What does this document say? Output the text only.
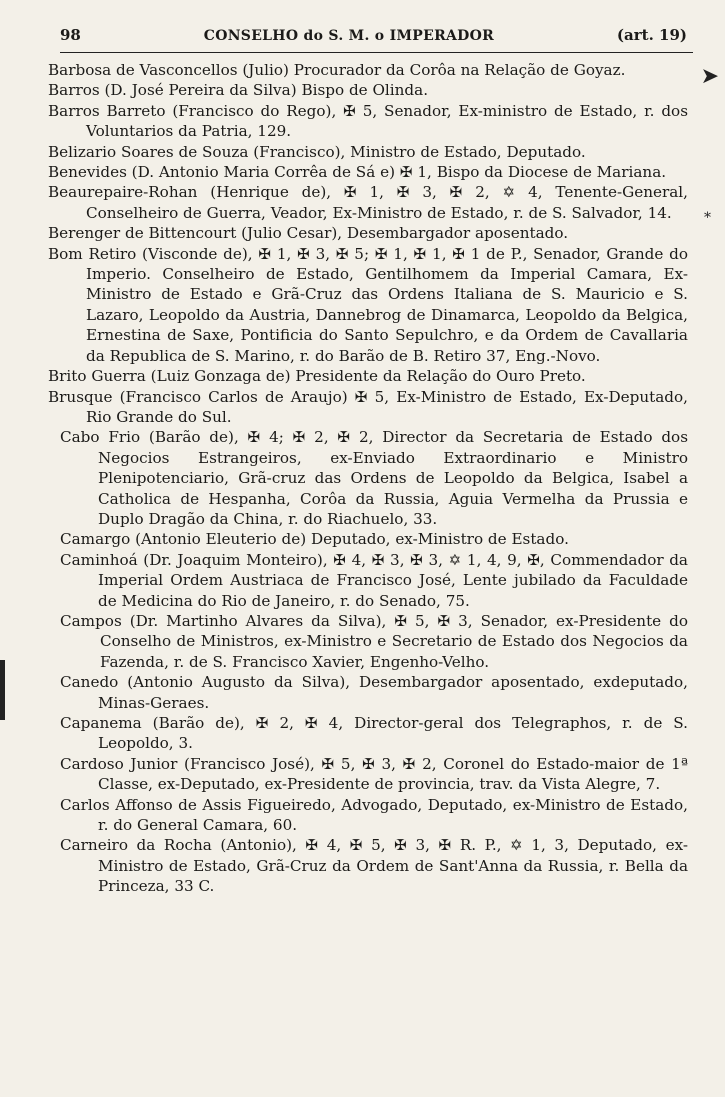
98	CONSELHO do S. M. o IMPERADOR	(art. 19)

Barbosa de Vasconcellos (Julio) Procurador da Corôa na Relação de Goyaz.

Barros (D. José Pereira da Silva) Bispo de Olinda.

Barros Barreto (Francisco do Rego), ✠ 5, Senador, Ex-ministro de Estado, r. dos Voluntarios da Patria, 129.

Belizario Soares de Souza (Francisco), Ministro de Estado, Deputado.

Benevides (D. Antonio Maria Corrêa de Sá e) ✠ 1, Bispo da Diocese de Mariana.

Beaurepaire-Rohan (Henrique de), ✠ 1, ✠ 3, ✠ 2, ✡ 4, Tenente-General, Conselheiro de Guerra, Veador, Ex-Ministro de Estado, r. de S. Salvador, 14.

Berenger de Bittencourt (Julio Cesar), Desembargador aposentado.

Bom Retiro (Visconde de), ✠ 1, ✠ 3, ✠ 5; ✠ 1, ✠ 1, ✠ 1 de P., Senador, Grande do Imperio. Conselheiro de Estado, Gentilhomem da Imperial Camara, Ex-Ministro de Estado e Grã-Cruz das Ordens Italiana de S. Mauricio e S. Lazaro, Leopoldo da Austria, Dannebrog de Dinamarca, Leopoldo da Belgica, Ernestina de Saxe, Pontificia do Santo Sepulchro, e da Ordem de Cavallaria da Republica de S. Marino, r. do Barão de B. Retiro 37, Eng.-Novo.

Brito Guerra (Luiz Gonzaga de) Presidente da Relação do Ouro Preto.

Brusque (Francisco Carlos de Araujo) ✠ 5, Ex-Ministro de Estado, Ex-Deputado, Rio Grande do Sul.

Cabo Frio (Barão de), ✠ 4; ✠ 2, ✠ 2, Director da Secretaria de Estado dos Negocios Estrangeiros, ex-Enviado Extraordinario e Ministro Plenipotenciario, Grã-cruz das Ordens de Leopoldo da Belgica, Isabel a Catholica de Hespanha, Corôa da Russia, Aguia Vermelha da Prussia e Duplo Dragão da China, r. do Riachuelo, 33.

Camargo (Antonio Eleuterio de) Deputado, ex-Ministro de Estado.

Caminhoá (Dr. Joaquim Monteiro), ✠ 4, ✠ 3, ✠ 3, ✡ 1, 4, 9, ✠, Commendador da Imperial Ordem Austriaca de Francisco José, Lente jubilado da Faculdade de Medicina do Rio de Janeiro, r. do Senado, 75.

Campos (Dr. Martinho Alvares da Silva), ✠ 5, ✠ 3, Senador, ex-Presidente do Conselho de Ministros, ex-Ministro e Secretario de Estado dos Negocios da Fazenda, r. de S. Francisco Xavier, Engenho-Velho.

Canedo (Antonio Augusto da Silva), Desembargador aposentado, exdeputado, Minas-Geraes.

Capanema (Barão de), ✠ 2, ✠ 4, Director-geral dos Telegraphos, r. de S. Leopoldo, 3.

Cardoso Junior (Francisco José), ✠ 5, ✠ 3, ✠ 2, Coronel do Estado-maior de 1ª Classe, ex-Deputado, ex-Presidente de provincia, trav. da Vista Alegre, 7.

Carlos Affonso de Assis Figueiredo, Advogado, Deputado, ex-Ministro de Estado, r. do General Camara, 60.

Carneiro da Rocha (Antonio), ✠ 4, ✠ 5, ✠ 3, ✠ R. P., ✡ 1, 3, Deputado, ex-Ministro de Estado, Grã-Cruz da Ordem de Sant'Anna da Russia, r. Bella da Princeza, 33 C.

➤
*
